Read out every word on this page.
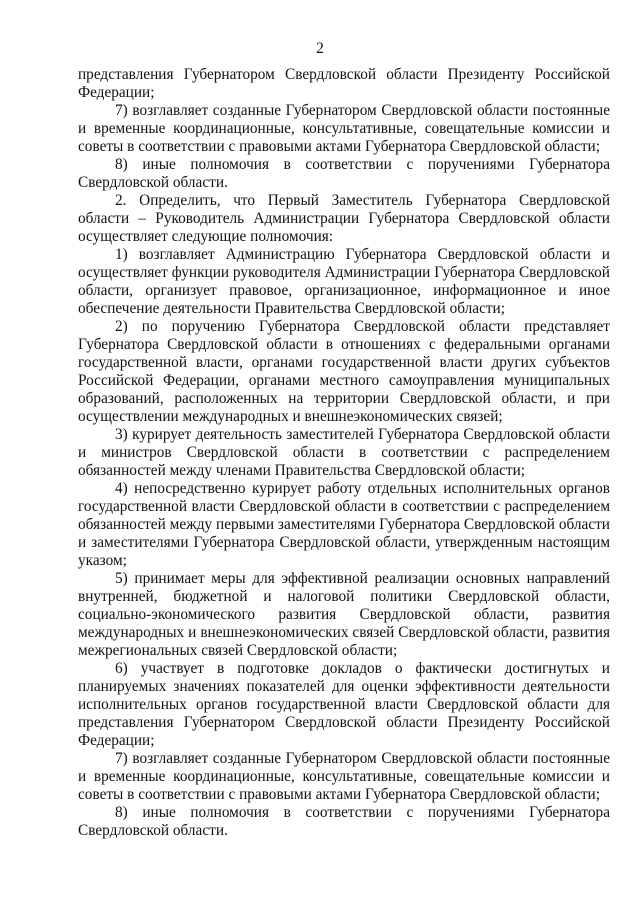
2

представления Губернатором Свердловской области Президенту Российской Федерации;

7) возглавляет созданные Губернатором Свердловской области постоянные и временные координационные, консультативные, совещательные комиссии и советы в соответствии с правовыми актами Губернатора Свердловской области;

8) иные полномочия в соответствии с поручениями Губернатора Свердловской области.

2. Определить, что Первый Заместитель Губернатора Свердловской области – Руководитель Администрации Губернатора Свердловской области осуществляет следующие полномочия:

1) возглавляет Администрацию Губернатора Свердловской области и осуществляет функции руководителя Администрации Губернатора Свердловской области, организует правовое, организационное, информационное и иное обеспечение деятельности Правительства Свердловской области;

2) по поручению Губернатора Свердловской области представляет Губернатора Свердловской области в отношениях с федеральными органами государственной власти, органами государственной власти других субъектов Российской Федерации, органами местного самоуправления муниципальных образований, расположенных на территории Свердловской области, и при осуществлении международных и внешнеэкономических связей;

3) курирует деятельность заместителей Губернатора Свердловской области и министров Свердловской области в соответствии с распределением обязанностей между членами Правительства Свердловской области;

4) непосредственно курирует работу отдельных исполнительных органов государственной власти Свердловской области в соответствии с распределением обязанностей между первыми заместителями Губернатора Свердловской области и заместителями Губернатора Свердловской области, утвержденным настоящим указом;

5) принимает меры для эффективной реализации основных направлений внутренней, бюджетной и налоговой политики Свердловской области, социально-экономического развития Свердловской области, развития международных и внешнеэкономических связей Свердловской области, развития межрегиональных связей Свердловской области;

6) участвует в подготовке докладов о фактически достигнутых и планируемых значениях показателей для оценки эффективности деятельности исполнительных органов государственной власти Свердловской области для представления Губернатором Свердловской области Президенту Российской Федерации;

7) возглавляет созданные Губернатором Свердловской области постоянные и временные координационные, консультативные, совещательные комиссии и советы в соответствии с правовыми актами Губернатора Свердловской области;

8) иные полномочия в соответствии с поручениями Губернатора Свердловской области.
